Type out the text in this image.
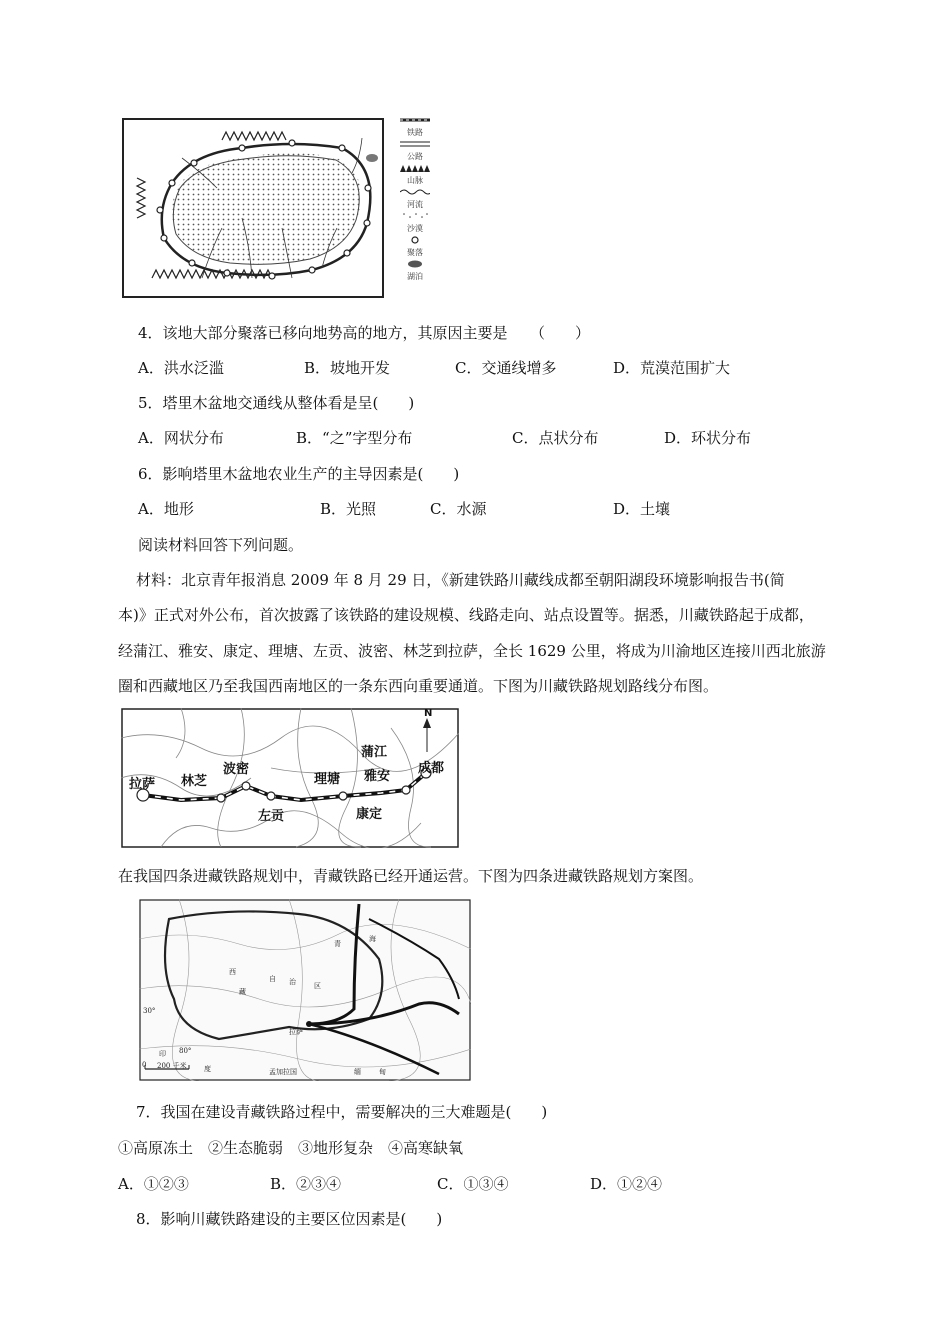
铁路
公路
山脉
河流
沙漠
聚落
湖泊
4．该地大部分聚落已移向地势高的地方，其原因主要是　　（　　）
A．洪水泛滥	B．坡地开发	C．交通线增多	D．荒漠范围扩大
5．塔里木盆地交通线从整体看是呈(　　)
A．网状分布	B．“之”字型分布	C．点状分布	D．环状分布
6．影响塔里木盆地农业生产的主导因素是(　　)
A．地形	B．光照	C．水源	D．土壤
阅读材料回答下列问题。
材料：北京青年报消息 2009 年 8 月 29 日，《新建铁路川藏线成都至朝阳湖段环境影响报告书(简
本)》正式对外公布，首次披露了该铁路的建设规模、线路走向、站点设置等。据悉，川藏铁路起于成都，
经蒲江、雅安、康定、理塘、左贡、波密、林芝到拉萨，全长 1629 公里，将成为川渝地区连接川西北旅游
圈和西藏地区乃至我国西南地区的一条东西向重要通道。下图为川藏铁路规划路线分布图。
N
拉萨 林芝
波密
左贡
理塘
康定
雅安
蒲江
成都
在我国四条进藏铁路规划中，青藏铁路已经开通运营。下图为四条进藏铁路规划方案图。
西
藏
自 治	区
青
海
印
度	孟加拉国	缅	甸
拉萨
200 千米
0
30°
80°
7．我国在建设青藏铁路过程中，需要解决的三大难题是(　　)
①高原冻土　②生态脆弱　③地形复杂　④高寒缺氧
A．①②③	B．②③④	C．①③④	D．①②④
8．影响川藏铁路建设的主要区位因素是(　　)
